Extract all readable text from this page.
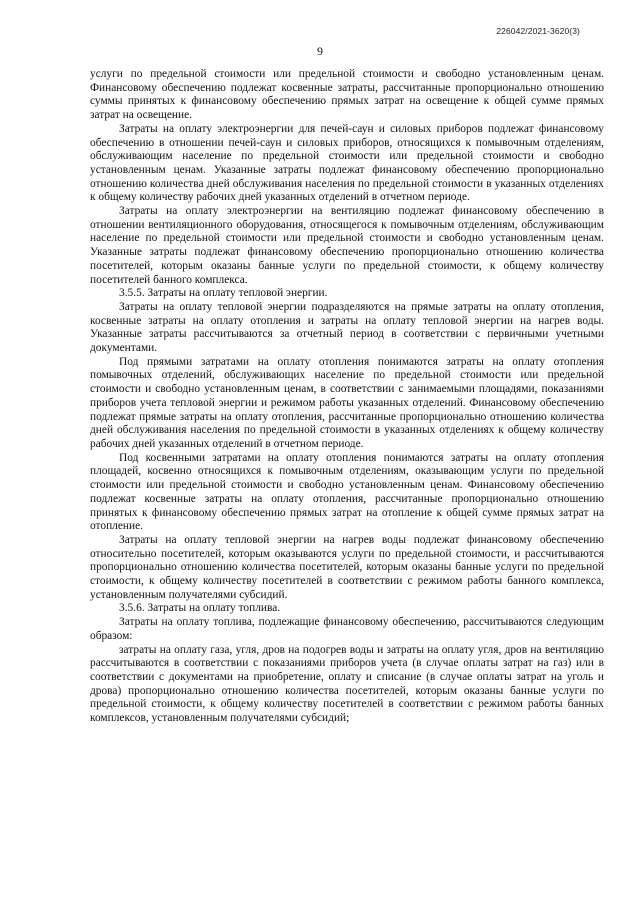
226042/2021-3620(3)
9

услуги по предельной стоимости или предельной стоимости и свободно установленным ценам. Финансовому обеспечению подлежат косвенные затраты, рассчитанные пропорционально отношению суммы принятых к финансовому обеспечению прямых затрат на освещение к общей сумме прямых затрат на освещение.

Затраты на оплату электроэнергии для печей-саун и силовых приборов подлежат финансовому обеспечению в отношении печей-саун и силовых приборов, относящихся к помывочным отделениям, обслуживающим население по предельной стоимости или предельной стоимости и свободно установленным ценам. Указанные затраты подлежат финансовому обеспечению пропорционально отношению количества дней обслуживания населения по предельной стоимости в указанных отделениях к общему количеству рабочих дней указанных отделений в отчетном периоде.

Затраты на оплату электроэнергии на вентиляцию подлежат финансовому обеспечению в отношении вентиляционного оборудования, относящегося к помывочным отделениям, обслуживающим население по предельной стоимости или предельной стоимости и свободно установленным ценам. Указанные затраты подлежат финансовому обеспечению пропорционально отношению количества посетителей, которым оказаны банные услуги по предельной стоимости, к общему количеству посетителей банного комплекса.

3.5.5. Затраты на оплату тепловой энергии.

Затраты на оплату тепловой энергии подразделяются на прямые затраты на оплату отопления, косвенные затраты на оплату отопления и затраты на оплату тепловой энергии на нагрев воды. Указанные затраты рассчитываются за отчетный период в соответствии с первичными учетными документами.

Под прямыми затратами на оплату отопления понимаются затраты на оплату отопления помывочных отделений, обслуживающих население по предельной стоимости или предельной стоимости и свободно установленным ценам, в соответствии с занимаемыми площадями, показаниями приборов учета тепловой энергии и режимом работы указанных отделений. Финансовому обеспечению подлежат прямые затраты на оплату отопления, рассчитанные пропорционально отношению количества дней обслуживания населения по предельной стоимости в указанных отделениях к общему количеству рабочих дней указанных отделений в отчетном периоде.

Под косвенными затратами на оплату отопления понимаются затраты на оплату отопления площадей, косвенно относящихся к помывочным отделениям, оказывающим услуги по предельной стоимости или предельной стоимости и свободно установленным ценам. Финансовому обеспечению подлежат косвенные затраты на оплату отопления, рассчитанные пропорционально отношению принятых к финансовому обеспечению прямых затрат на отопление к общей сумме прямых затрат на отопление.

Затраты на оплату тепловой энергии на нагрев воды подлежат финансовому обеспечению относительно посетителей, которым оказываются услуги по предельной стоимости, и рассчитываются пропорционально отношению количества посетителей, которым оказаны банные услуги по предельной стоимости, к общему количеству посетителей в соответствии с режимом работы банного комплекса, установленным получателями субсидий.

3.5.6. Затраты на оплату топлива.

Затраты на оплату топлива, подлежащие финансовому обеспечению, рассчитываются следующим образом:

затраты на оплату газа, угля, дров на подогрев воды и затраты на оплату угля, дров на вентиляцию рассчитываются в соответствии с показаниями приборов учета (в случае оплаты затрат на газ) или в соответствии с документами на приобретение, оплату и списание (в случае оплаты затрат на уголь и дрова) пропорционально отношению количества посетителей, которым оказаны банные услуги по предельной стоимости, к общему количеству посетителей в соответствии с режимом работы банных комплексов, установленным получателями субсидий;
